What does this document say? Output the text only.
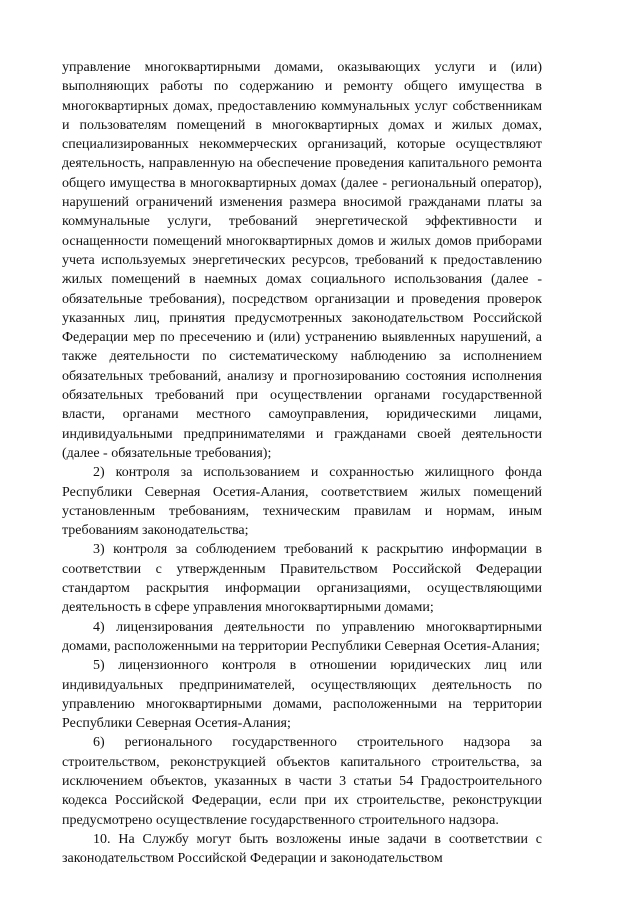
управление многоквартирными домами, оказывающих услуги и (или) выполняющих работы по содержанию и ремонту общего имущества в многоквартирных домах, предоставлению коммунальных услуг собственникам и пользователям помещений в многоквартирных домах и жилых домах, специализированных некоммерческих организаций, которые осуществляют деятельность, направленную на обеспечение проведения капитального ремонта общего имущества в многоквартирных домах (далее - региональный оператор), нарушений ограничений изменения размера вносимой гражданами платы за коммунальные услуги, требований энергетической эффективности и оснащенности помещений многоквартирных домов и жилых домов приборами учета используемых энергетических ресурсов, требований к предоставлению жилых помещений в наемных домах социального использования (далее - обязательные требования), посредством организации и проведения проверок указанных лиц, принятия предусмотренных законодательством Российской Федерации мер по пресечению и (или) устранению выявленных нарушений, а также деятельности по систематическому наблюдению за исполнением обязательных требований, анализу и прогнозированию состояния исполнения обязательных требований при осуществлении органами государственной власти, органами местного самоуправления, юридическими лицами, индивидуальными предпринимателями и гражданами своей деятельности (далее - обязательные требования);

2) контроля за использованием и сохранностью жилищного фонда Республики Северная Осетия-Алания, соответствием жилых помещений установленным требованиям, техническим правилам и нормам, иным требованиям законодательства;

3) контроля за соблюдением требований к раскрытию информации в соответствии с утвержденным Правительством Российской Федерации стандартом раскрытия информации организациями, осуществляющими деятельность в сфере управления многоквартирными домами;

4) лицензирования деятельности по управлению многоквартирными домами, расположенными на территории Республики Северная Осетия-Алания;

5) лицензионного контроля в отношении юридических лиц или индивидуальных предпринимателей, осуществляющих деятельность по управлению многоквартирными домами, расположенными на территории Республики Северная Осетия-Алания;

6) регионального государственного строительного надзора за строительством, реконструкцией объектов капитального строительства, за исключением объектов, указанных в части 3 статьи 54 Градостроительного кодекса Российской Федерации, если при их строительстве, реконструкции предусмотрено осуществление государственного строительного надзора.

10. На Службу могут быть возложены иные задачи в соответствии с законодательством Российской Федерации и законодательством
